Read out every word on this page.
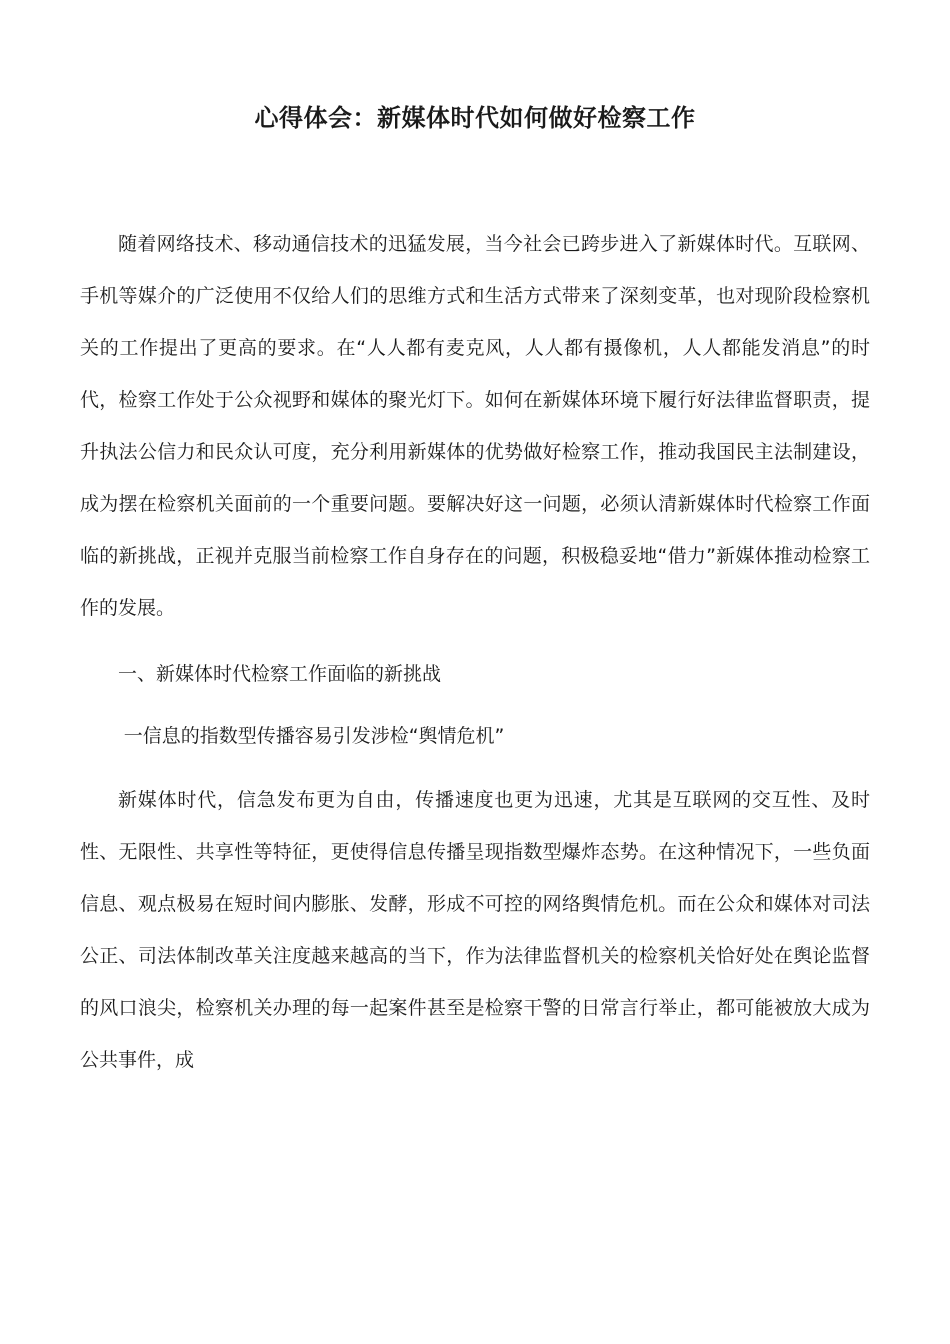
心得体会：新媒体时代如何做好检察工作

随着网络技术、移动通信技术的迅猛发展，当今社会已跨步进入了新媒体时代。互联网、手机等媒介的广泛使用不仅给人们的思维方式和生活方式带来了深刻变革，也对现阶段检察机关的工作提出了更高的要求。在“人人都有麦克风，人人都有摄像机，人人都能发消息”的时代，检察工作处于公众视野和媒体的聚光灯下。如何在新媒体环境下履行好法律监督职责，提升执法公信力和民众认可度，充分利用新媒体的优势做好检察工作，推动我国民主法制建设，成为摆在检察机关面前的一个重要问题。要解决好这一问题，必须认清新媒体时代检察工作面临的新挑战，正视并克服当前检察工作自身存在的问题，积极稳妥地“借力”新媒体推动检察工作的发展。

一、新媒体时代检察工作面临的新挑战

一信息的指数型传播容易引发涉检“舆情危机”

新媒体时代，信急发布更为自由，传播速度也更为迅速，尤其是互联网的交互性、及时性、无限性、共享性等特征，更使得信息传播呈现指数型爆炸态势。在这种情况下，一些负面信息、观点极易在短时间内膨胀、发酵，形成不可控的网络舆情危机。而在公众和媒体对司法公正、司法体制改革关注度越来越高的当下，作为法律监督机关的检察机关恰好处在舆论监督的风口浪尖，检察机关办理的每一起案件甚至是检察干警的日常言行举止，都可能被放大成为公共事件，成
